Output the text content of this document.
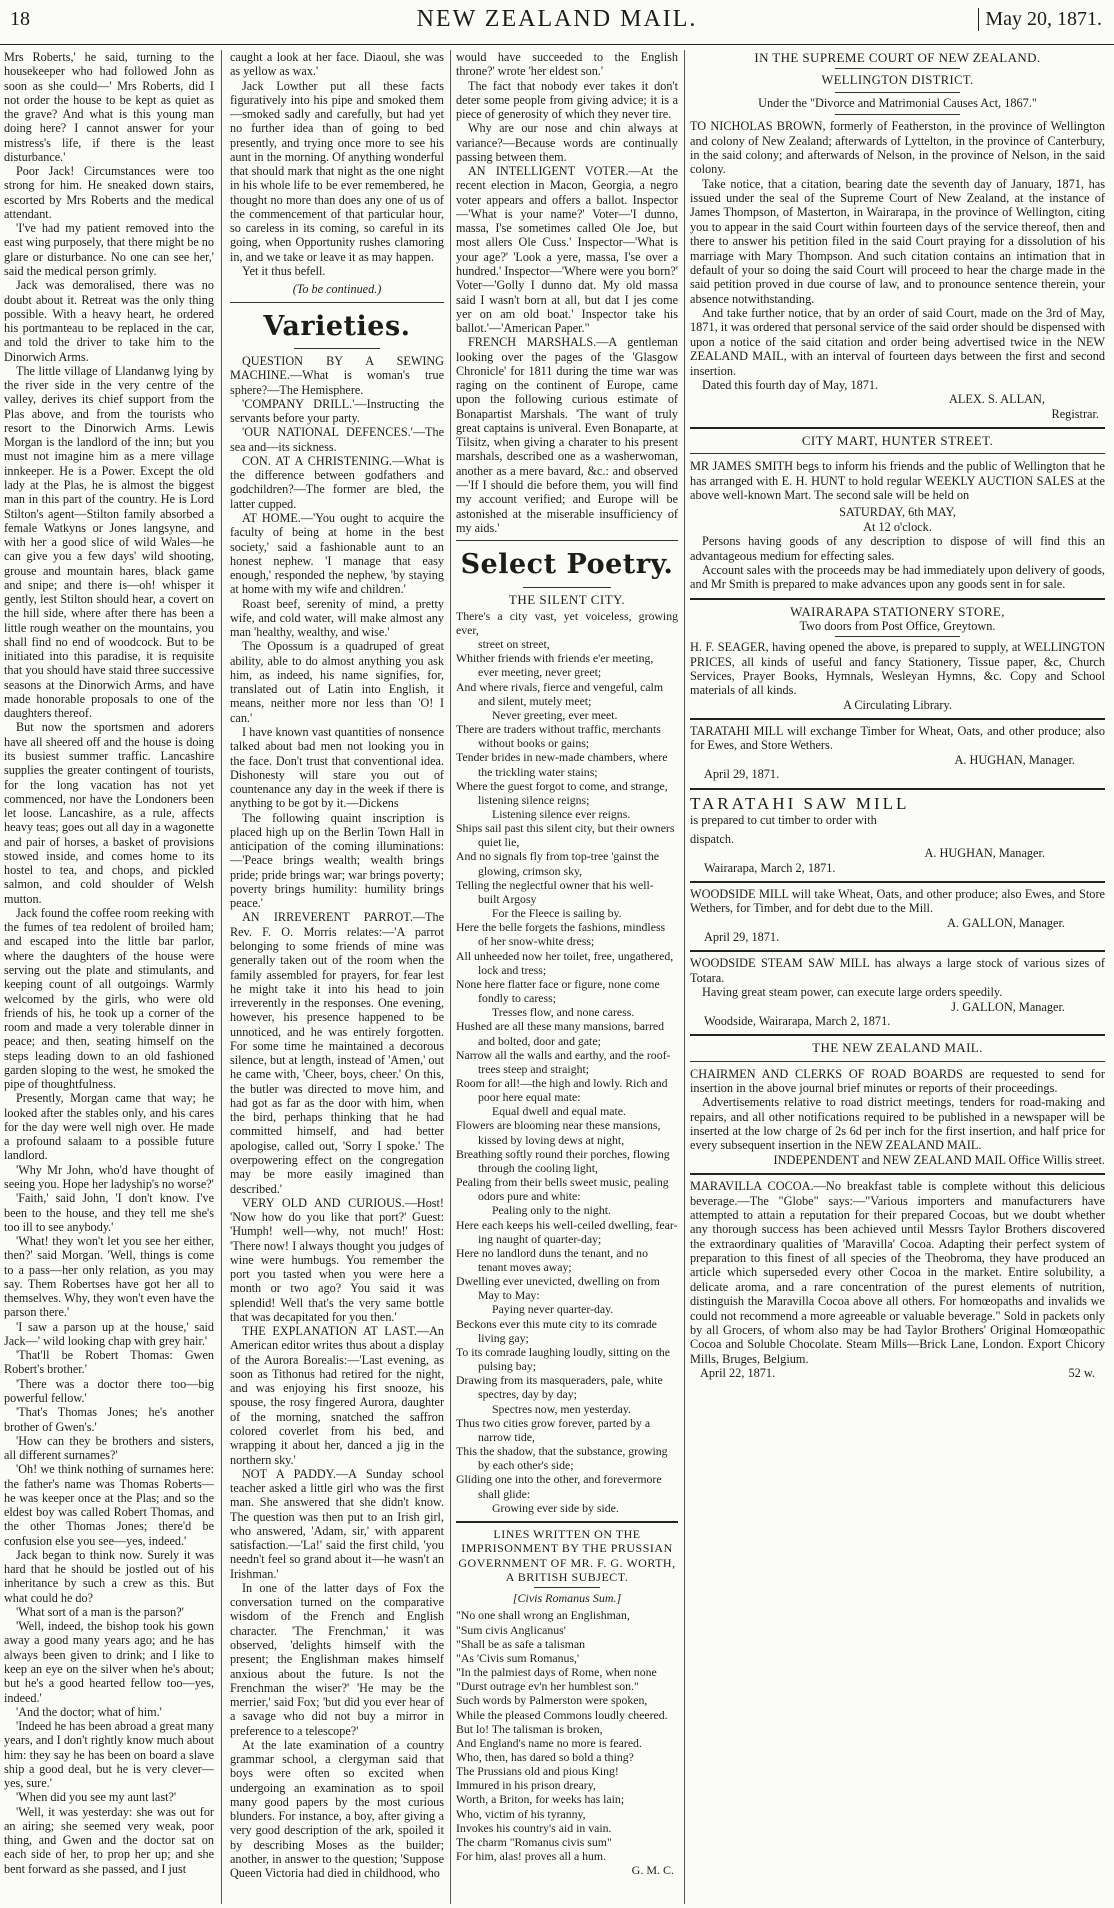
18	NEW ZEALAND MAIL.	May 20, 1871.

Mrs Roberts,' he said, turning to the housekeeper who had followed John as soon as she could—' Mrs Roberts, did I not order the house to be kept as quiet as the grave? And what is this young man doing here? I cannot answer for your mistress's life, if there is the least disturbance.'

Poor Jack! Circumstances were too strong for him. He sneaked down stairs, escorted by Mrs Roberts and the medical attendant.

'I've had my patient removed into the east wing purposely, that there might be no glare or disturbance. No one can see her,' said the medical person grimly.

Jack was demoralised, there was no doubt about it. Retreat was the only thing possible. With a heavy heart, he ordered his portmanteau to be replaced in the car, and told the driver to take him to the Dinorwich Arms.

The little village of Llandanwg lying by the river side in the very centre of the valley, derives its chief support from the Plas above, and from the tourists who resort to the Dinorwich Arms. Lewis Morgan is the landlord of the inn; but you must not imagine him as a mere village innkeeper. He is a Power. Except the old lady at the Plas, he is almost the biggest man in this part of the country. He is Lord Stilton's agent—Stilton family absorbed a female Watkyns or Jones langsyne, and with her a good slice of wild Wales—he can give you a few days' wild shooting, grouse and mountain hares, black game and snipe; and there is—oh! whisper it gently, lest Stilton should hear, a covert on the hill side, where after there has been a little rough weather on the mountains, you shall find no end of woodcock. But to be initiated into this paradise, it is requisite that you should have staid three successive seasons at the Dinorwich Arms, and have made honorable proposals to one of the daughters thereof.

But now the sportsmen and adorers have all sheered off and the house is doing its busiest summer traffic. Lancashire supplies the greater contingent of tourists, for the long vacation has not yet commenced, nor have the Londoners been let loose. Lancashire, as a rule, affects heavy teas; goes out all day in a wagonette and pair of horses, a basket of provisions stowed inside, and comes home to its hostel to tea, and chops, and pickled salmon, and cold shoulder of Welsh mutton.

Jack found the coffee room reeking with the fumes of tea redolent of broiled ham; and escaped into the little bar parlor, where the daughters of the house were serving out the plate and stimulants, and keeping count of all outgoings. Warmly welcomed by the girls, who were old friends of his, he took up a corner of the room and made a very tolerable dinner in peace; and then, seating himself on the steps leading down to an old fashioned garden sloping to the west, he smoked the pipe of thoughtfulness.

Presently, Morgan came that way; he looked after the stables only, and his cares for the day were well nigh over. He made a profound salaam to a possible future landlord.

'Why Mr John, who'd have thought of seeing you. Hope her ladyship's no worse?'

'Faith,' said John, 'I don't know. I've been to the house, and they tell me she's too ill to see anybody.'

'What! they won't let you see her either, then?' said Morgan. 'Well, things is come to a pass—her only relation, as you may say. Them Robertses have got her all to themselves. Why, they won't even have the parson there.'

'I saw a parson up at the house,' said Jack—' wild looking chap with grey hair.'

'That'll be Robert Thomas: Gwen Robert's brother.'

'There was a doctor there too—big powerful fellow.'

'That's Thomas Jones; he's another brother of Gwen's.'

'How can they be brothers and sisters, all different surnames?'

'Oh! we think nothing of surnames here: the father's name was Thomas Roberts—he was keeper once at the Plas; and so the eldest boy was called Robert Thomas, and the other Thomas Jones; there'd be confusion else you see—yes, indeed.'

Jack began to think now. Surely it was hard that he should be jostled out of his inheritance by such a crew as this. But what could he do?

'What sort of a man is the parson?'

'Well, indeed, the bishop took his gown away a good many years ago; and he has always been given to drink; and I like to keep an eye on the silver when he's about; but he's a good hearted fellow too—yes, indeed.'

'And the doctor; what of him.'

'Indeed he has been abroad a great many years, and I don't rightly know much about him: they say he has been on board a slave ship a good deal, but he is very clever—yes, sure.'

'When did you see my aunt last?'

'Well, it was yesterday: she was out for an airing; she seemed very weak, poor thing, and Gwen and the doctor sat on each side of her, to prop her up; and she bent forward as she passed, and I just

caught a look at her face. Diaoul, she was as yellow as wax.'

Jack Lowther put all these facts figuratively into his pipe and smoked them—smoked sadly and carefully, but had yet no further idea than of going to bed presently, and trying once more to see his aunt in the morning. Of anything wonderful that should mark that night as the one night in his whole life to be ever remembered, he thought no more than does any one of us of the commencement of that particular hour, so careless in its coming, so careful in its going, when Opportunity rushes clamoring in, and we take or leave it as may happen.

Yet it thus befell.

(To be continued.)

Varieties.

QUESTION BY A SEWING MACHINE.—What is woman's true sphere?—The Hemisphere.

'COMPANY DRILL.'—Instructing the servants before your party.

'OUR NATIONAL DEFENCES.'—The sea and—its sickness.

CON. AT A CHRISTENING.—What is the difference between godfathers and godchildren?—The former are bled, the latter cupped.

AT HOME.—'You ought to acquire the faculty of being at home in the best society,' said a fashionable aunt to an honest nephew. 'I manage that easy enough,' responded the nephew, 'by staying at home with my wife and children.'

Roast beef, serenity of mind, a pretty wife, and cold water, will make almost any man 'healthy, wealthy, and wise.'

The Opossum is a quadruped of great ability, able to do almost anything you ask him, as indeed, his name signifies, for, translated out of Latin into English, it means, neither more nor less than 'O! I can.'

I have known vast quantities of nonsence talked about bad men not looking you in the face. Don't trust that conventional idea. Dishonesty will stare you out of countenance any day in the week if there is anything to be got by it.—Dickens

The following quaint inscription is placed high up on the Berlin Town Hall in anticipation of the coming illuminations:—'Peace brings wealth; wealth brings pride; pride brings war; war brings poverty; poverty brings humility: humility brings peace.'

AN IRREVERENT PARROT.—The Rev. F. O. Morris relates:—'A parrot belonging to some friends of mine was generally taken out of the room when the family assembled for prayers, for fear lest he might take it into his head to join irreverently in the responses. One evening, however, his presence happened to be unnoticed, and he was entirely forgotten. For some time he maintained a decorous silence, but at length, instead of 'Amen,' out he came with, 'Cheer, boys, cheer.' On this, the butler was directed to move him, and had got as far as the door with him, when the bird, perhaps thinking that he had committed himself, and had better apologise, called out, 'Sorry I spoke.' The overpowering effect on the congregation may be more easily imagined than described.'

VERY OLD AND CURIOUS.—Host! 'Now how do you like that port?' Guest: 'Humph! well—why, not much!' Host: 'There now! I always thought you judges of wine were humbugs. You remember the port you tasted when you were here a month or two ago? You said it was splendid! Well that's the very same bottle that was decapitated for you then.'

THE EXPLANATION AT LAST.—An American editor writes thus about a display of the Aurora Borealis:—'Last evening, as soon as Tithonus had retired for the night, and was enjoying his first snooze, his spouse, the rosy fingered Aurora, daughter of the morning, snatched the saffron colored coverlet from his bed, and wrapping it about her, danced a jig in the northern sky.'

NOT A PADDY.—A Sunday school teacher asked a little girl who was the first man. She answered that she didn't know. The question was then put to an Irish girl, who answered, 'Adam, sir,' with apparent satisfaction.—'La!' said the first child, 'you needn't feel so grand about it—he wasn't an Irishman.'

In one of the latter days of Fox the conversation turned on the comparative wisdom of the French and English character. 'The Frenchman,' it was observed, 'delights himself with the present; the Englishman makes himself anxious about the future. Is not the Frenchman the wiser?' 'He may be the merrier,' said Fox; 'but did you ever hear of a savage who did not buy a mirror in preference to a telescope?'

At the late examination of a country grammar school, a clergyman said that boys were often so excited when undergoing an examination as to spoil many good papers by the most curious blunders. For instance, a boy, after giving a very good description of the ark, spoiled it by describing Moses as the builder; another, in answer to the question; 'Suppose Queen Victoria had died in childhood, who

would have succeeded to the English throne?' wrote 'her eldest son.'

The fact that nobody ever takes it don't deter some people from giving advice; it is a piece of generosity of which they never tire.

Why are our nose and chin always at variance?—Because words are continually passing between them.

AN INTELLIGENT VOTER.—At the recent election in Macon, Georgia, a negro voter appears and offers a ballot. Inspector—'What is your name?' Voter—'I dunno, massa, I'se sometimes called Ole Joe, but most allers Ole Cuss.' Inspector—'What is your age?' 'Look a yere, massa, I'se over a hundred.' Inspector—'Where were you born?' Voter—'Golly I dunno dat. My old massa said I wasn't born at all, but dat I jes come yer on am old boat.' Inspector take his ballot.'—'American Paper."

FRENCH MARSHALS.—A gentleman looking over the pages of the 'Glasgow Chronicle' for 1811 during the time war was raging on the continent of Europe, came upon the following curious estimate of Bonapartist Marshals. 'The want of truly great captains is univeral. Even Bonaparte, at Tilsitz, when giving a charater to his present marshals, described one as a washerwoman, another as a mere bavard, &c.: and observed—'If I should die before them, you will find my account verified; and Europe will be astonished at the miserable insufficiency of my aids.'

Select Poetry.
THE SILENT CITY.
There's a city vast, yet voiceless, growing ever,
street on street,
Whither friends with friends e'er meeting,
ever meeting, never greet;
And where rivals, fierce and vengeful, calm
and silent, mutely meet;
Never greeting, ever meet.
There are traders without traffic, merchants
without books or gains;
Tender brides in new-made chambers, where
the trickling water stains;
Where the guest forgot to come, and strange,
listening silence reigns;
Listening silence ever reigns.
Ships sail past this silent city, but their owners
quiet lie,
And no signals fly from top-tree 'gainst the
glowing, crimson sky,
Telling the neglectful owner that his well-
built Argosy
For the Fleece is sailing by.
Here the belle forgets the fashions, mindless
of her snow-white dress;
All unheeded now her toilet, free, ungathered,
lock and tress;
None here flatter face or figure, none come
fondly to caress;
Tresses flow, and none caress.
Hushed are all these many mansions, barred
and bolted, door and gate;
Narrow all the walls and earthy, and the roof-
trees steep and straight;
Room for all!—the high and lowly. Rich and
poor here equal mate:
Equal dwell and equal mate.
Flowers are blooming near these mansions,
kissed by loving dews at night,
Breathing softly round their porches, flowing
through the cooling light,
Pealing from their bells sweet music, pealing
odors pure and white:
Pealing only to the night.
Here each keeps his well-ceiled dwelling, fear-
ing naught of quarter-day;
Here no landlord duns the tenant, and no
tenant moves away;
Dwelling ever unevicted, dwelling on from
May to May:
Paying never quarter-day.
Beckons ever this mute city to its comrade
living gay;
To its comrade laughing loudly, sitting on the
pulsing bay;
Drawing from its masqueraders, pale, white
spectres, day by day;
Spectres now, men yesterday.
Thus two cities grow forever, parted by a
narrow tide,
This the shadow, that the substance, growing
by each other's side;
Gliding one into the other, and forevermore
shall glide:
Growing ever side by side.
LINES WRITTEN ON THE IMPRISONMENT BY THE PRUSSIAN GOVERNMENT OF MR. F. G. WORTH, A BRITISH SUBJECT.
[Civis Romanus Sum.]
"No one shall wrong an Englishman,
"Sum civis Anglicanus'
"Shall be as safe a talisman
"As 'Civis sum Romanus,'
"In the palmiest days of Rome, when none
"Durst outrage ev'n her humblest son."
Such words by Palmerston were spoken,
While the pleased Commons loudly cheered.
But lo! The talisman is broken,
And England's name no more is feared.
Who, then, has dared so bold a thing?
The Prussians old and pious King!
Immured in his prison dreary,
Worth, a Briton, for weeks has lain;
Who, victim of his tyranny,
Invokes his country's aid in vain.
The charm "Romanus civis sum"
For him, alas! proves all a hum.
G. M. C.
IN THE SUPREME COURT OF NEW ZEALAND.
WELLINGTON DISTRICT.

Under the "Divorce and Matrimonial Causes Act, 1867."

TO NICHOLAS BROWN, formerly of Featherston, in the province of Wellington and colony of New Zealand; afterwards of Lyttelton, in the province of Canterbury, in the said colony; and afterwards of Nelson, in the province of Nelson, in the said colony.

Take notice, that a citation, bearing date the seventh day of January, 1871, has issued under the seal of the Supreme Court of New Zealand, at the instance of James Thompson, of Masterton, in Wairarapa, in the province of Wellington, citing you to appear in the said Court within fourteen days of the service thereof, then and there to answer his petition filed in the said Court praying for a dissolution of his marriage with Mary Thompson. And such citation contains an intimation that in default of your so doing the said Court will proceed to hear the charge made in the said petition proved in due course of law, and to pronounce sentence therein, your absence notwithstanding.

And take further notice, that by an order of said Court, made on the 3rd of May, 1871, it was ordered that personal service of the said order should be dispensed with upon a notice of the said citation and order being advertised twice in the NEW ZEALAND MAIL, with an interval of fourteen days between the first and second insertion.

Dated this fourth day of May, 1871.

ALEX. S. ALLAN,
Registrar.
CITY MART, HUNTER STREET.

MR JAMES SMITH begs to inform his friends and the public of Wellington that he has arranged with E. H. HUNT to hold regular WEEKLY AUCTION SALES at the above well-known Mart. The second sale will be held on

SATURDAY, 6th MAY,
At 12 o'clock.

Persons having goods of any description to dispose of will find this an advantageous medium for effecting sales.

Account sales with the proceeds may be had immediately upon delivery of goods, and Mr Smith is prepared to make advances upon any goods sent in for sale.

WAIRARAPA STATIONERY STORE,
Two doors from Post Office, Greytown.

H. F. SEAGER, having opened the above, is prepared to supply, at WELLINGTON PRICES, all kinds of useful and fancy Stationery, Tissue paper, &c, Church Services, Prayer Books, Hymnals, Wesleyan Hymns, &c. Copy and School materials of all kinds.

A Circulating Library.

TARATAHI MILL will exchange Timber for Wheat, Oats, and other produce; also for Ewes, and Store Wethers.

A. HUGHAN, Manager.
April 29, 1871.
TARATAHI SAW MILL

is prepared to cut timber to order with

dispatch.

A. HUGHAN, Manager.
Wairarapa, March 2, 1871.

WOODSIDE MILL will take Wheat, Oats, and other produce; also Ewes, and Store Wethers, for Timber, and for debt due to the Mill.

A. GALLON, Manager.
April 29, 1871.

WOODSIDE STEAM SAW MILL has always a large stock of various sizes of Totara.

Having great steam power, can execute large orders speedily.

J. GALLON, Manager.
Woodside, Wairarapa, March 2, 1871.
THE NEW ZEALAND MAIL.

CHAIRMEN AND CLERKS OF ROAD BOARDS are requested to send for insertion in the above journal brief minutes or reports of their proceedings.

Advertisements relative to road district meetings, tenders for road-making and repairs, and all other notifications required to be published in a newspaper will be inserted at the low charge of 2s 6d per inch for the first insertion, and half price for every subsequent insertion in the NEW ZEALAND MAIL.

INDEPENDENT and NEW ZEALAND MAIL Office Willis street.

MARAVILLA COCOA.—No breakfast table is complete without this delicious beverage.—The "Globe" says:—"Various importers and manufacturers have attempted to attain a reputation for their prepared Cocoas, but we doubt whether any thorough success has been achieved until Messrs Taylor Brothers discovered the extraordinary qualities of 'Maravilla' Cocoa. Adapting their perfect system of preparation to this finest of all species of the Theobroma, they have produced an article which superseded every other Cocoa in the market. Entire solubility, a delicate aroma, and a rare concentration of the purest elements of nutrition, distinguish the Maravilla Cocoa above all others. For homœopaths and invalids we could not recommend a more agreeable or valuable beverage." Sold in packets only by all Grocers, of whom also may be had Taylor Brothers' Original Homœopathic Cocoa and Soluble Chocolate. Steam Mills—Brick Lane, London. Export Chicory Mills, Bruges, Belgium.

April 22, 1871.	52 w.
